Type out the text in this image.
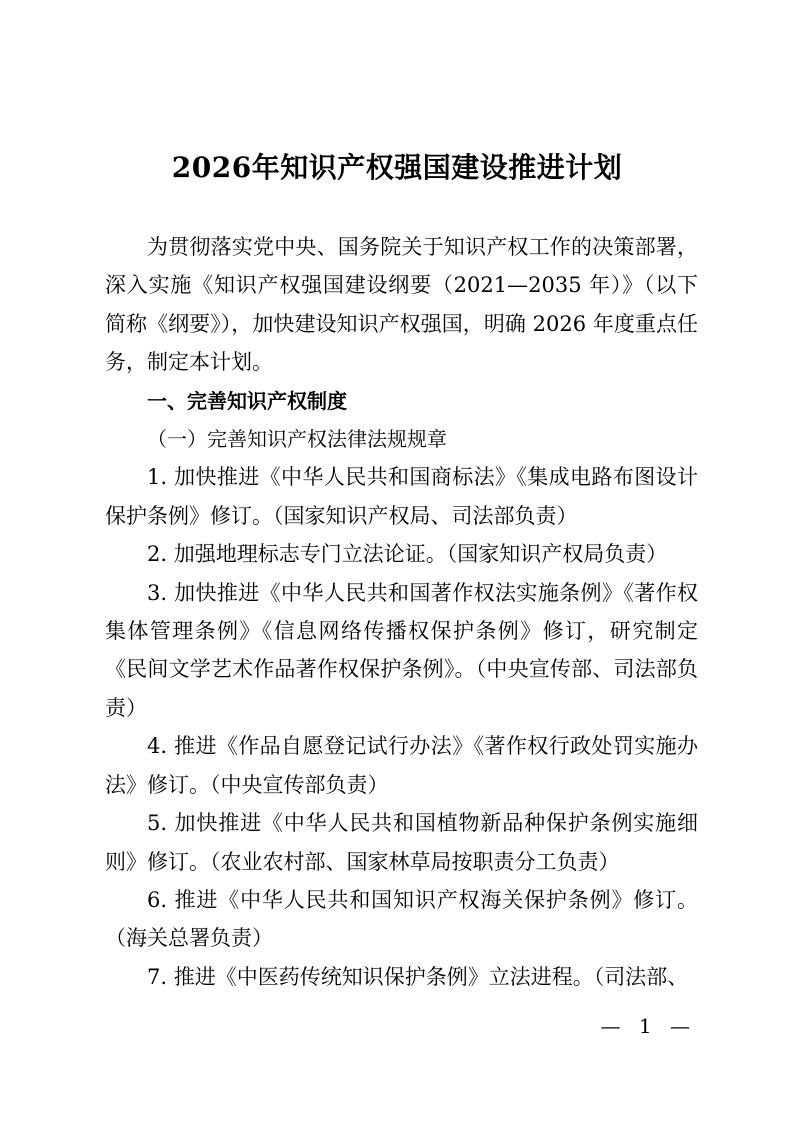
2026年知识产权强国建设推进计划

为贯彻落实党中央、国务院关于知识产权工作的决策部署，深入实施《知识产权强国建设纲要（2021—2035 年）》（以下简称《纲要》），加快建设知识产权强国，明确 2026 年度重点任务，制定本计划。

一、完善知识产权制度

（一）完善知识产权法律法规规章

1. 加快推进《中华人民共和国商标法》《集成电路布图设计保护条例》修订。（国家知识产权局、司法部负责）

2. 加强地理标志专门立法论证。（国家知识产权局负责）

3. 加快推进《中华人民共和国著作权法实施条例》《著作权集体管理条例》《信息网络传播权保护条例》修订，研究制定《民间文学艺术作品著作权保护条例》。（中央宣传部、司法部负责）

4. 推进《作品自愿登记试行办法》《著作权行政处罚实施办法》修订。（中央宣传部负责）

5. 加快推进《中华人民共和国植物新品种保护条例实施细则》修订。（农业农村部、国家林草局按职责分工负责）

6. 推进《中华人民共和国知识产权海关保护条例》修订。（海关总署负责）

7. 推进《中医药传统知识保护条例》立法进程。（司法部、

— 1 —
